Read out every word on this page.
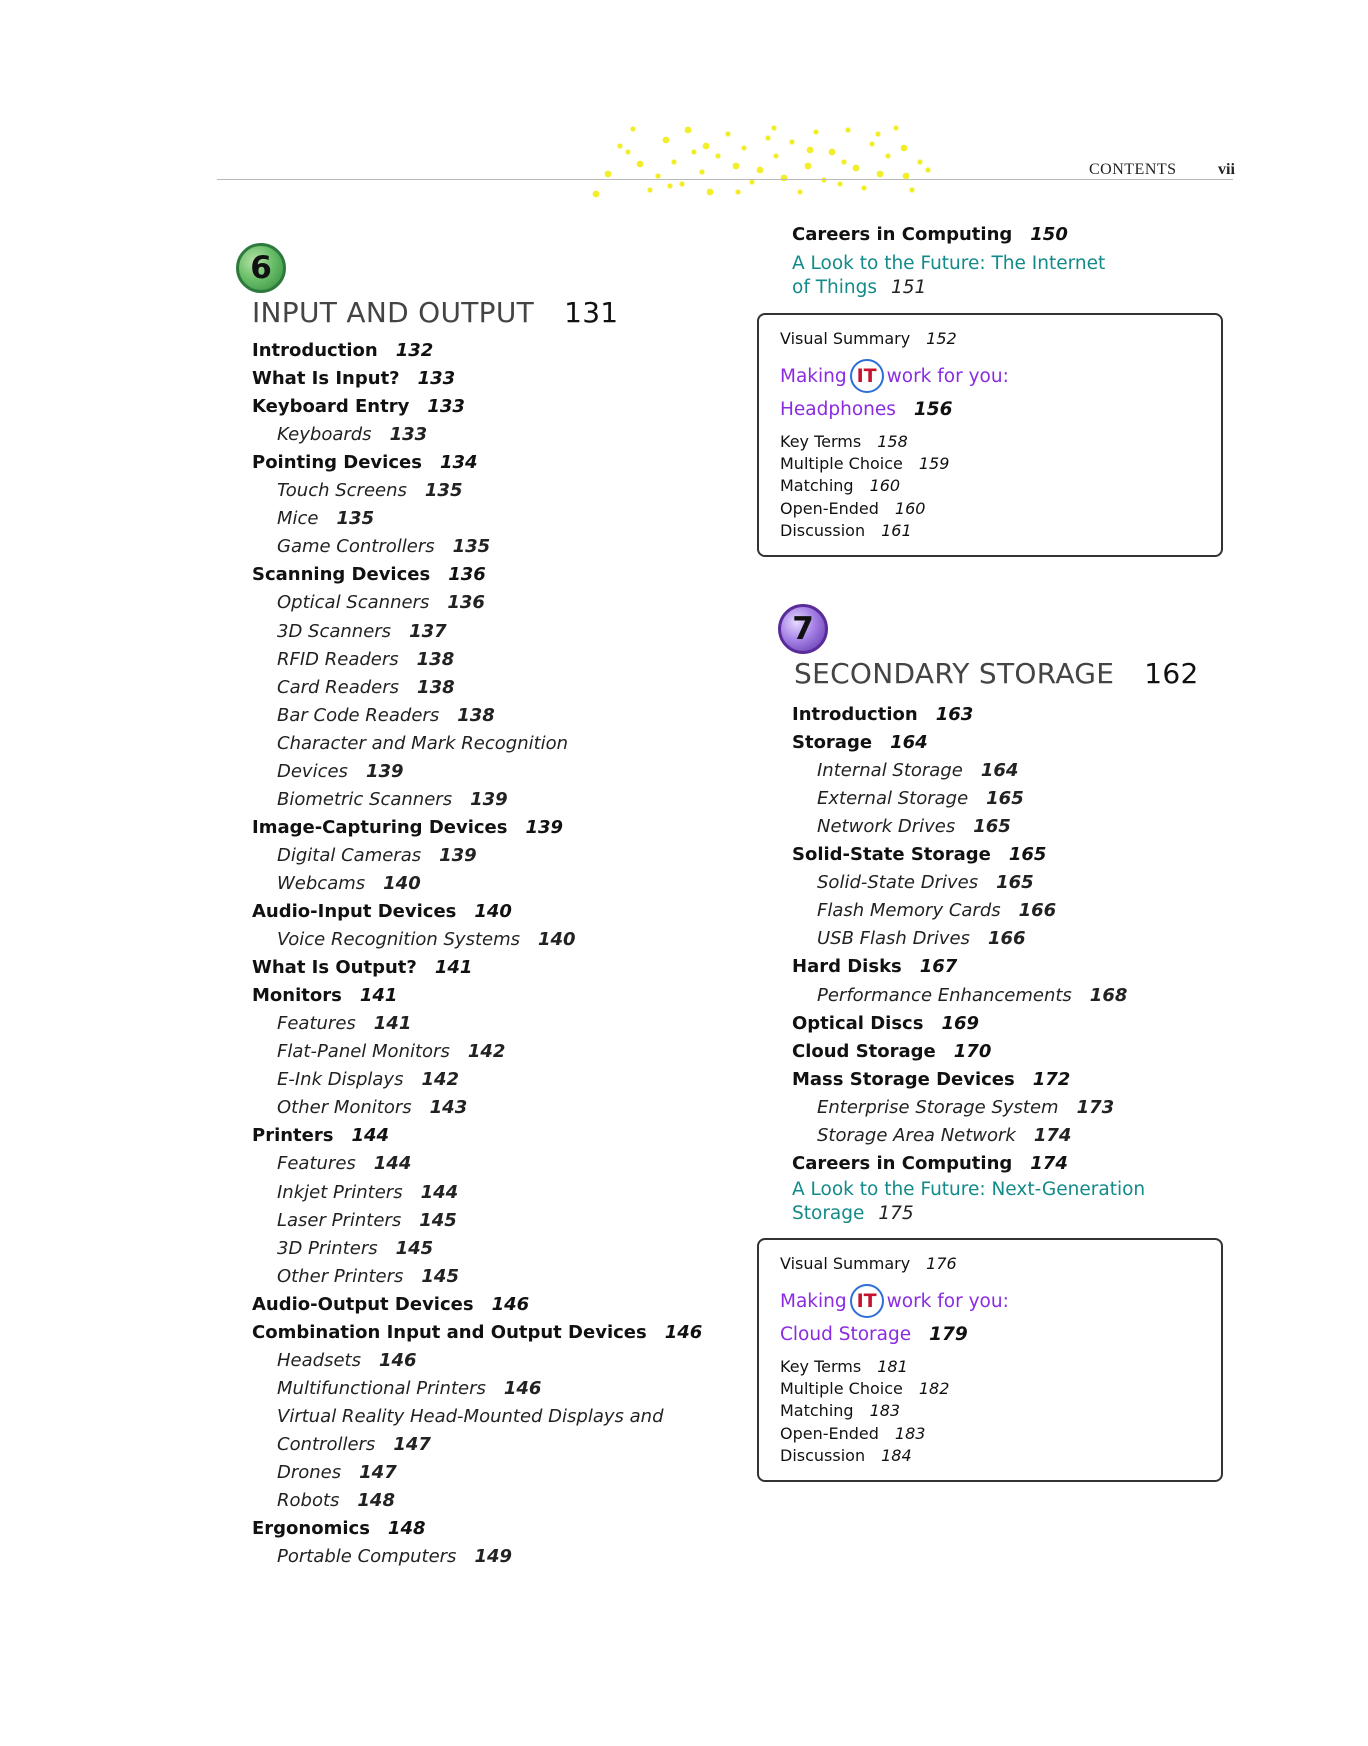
CONTENTS	vii
6
INPUT AND OUTPUT 131
Introduction 132
What Is Input? 133
Keyboard Entry 133
Keyboards 133
Pointing Devices 134
Touch Screens 135
Mice 135
Game Controllers 135
Scanning Devices 136
Optical Scanners 136
3D Scanners 137
RFID Readers 138
Card Readers 138
Bar Code Readers 138
Character and Mark Recognition
Devices 139
Biometric Scanners 139
Image-Capturing Devices 139
Digital Cameras 139
Webcams 140
Audio-Input Devices 140
Voice Recognition Systems 140
What Is Output? 141
Monitors 141
Features 141
Flat-Panel Monitors 142
E-Ink Displays 142
Other Monitors 143
Printers 144
Features 144
Inkjet Printers 144
Laser Printers 145
3D Printers 145
Other Printers 145
Audio-Output Devices 146
Combination Input and Output Devices 146
Headsets 146
Multifunctional Printers 146
Virtual Reality Head-Mounted Displays and
Controllers 147
Drones 147
Robots 148
Ergonomics 148
Portable Computers 149
Careers in Computing 150
A Look to the Future: The Internet
of Things 151
Visual Summary 152
Making IT work for you:
Headphones 156
Key Terms 158
Multiple Choice 159
Matching 160
Open-Ended 160
Discussion 161
7
SECONDARY STORAGE 162
Introduction 163
Storage 164
Internal Storage 164
External Storage 165
Network Drives 165
Solid-State Storage 165
Solid-State Drives 165
Flash Memory Cards 166
USB Flash Drives 166
Hard Disks 167
Performance Enhancements 168
Optical Discs 169
Cloud Storage 170
Mass Storage Devices 172
Enterprise Storage System 173
Storage Area Network 174
Careers in Computing 174
A Look to the Future: Next-Generation
Storage 175
Visual Summary 176
Making IT work for you:
Cloud Storage 179
Key Terms 181
Multiple Choice 182
Matching 183
Open-Ended 183
Discussion 184
